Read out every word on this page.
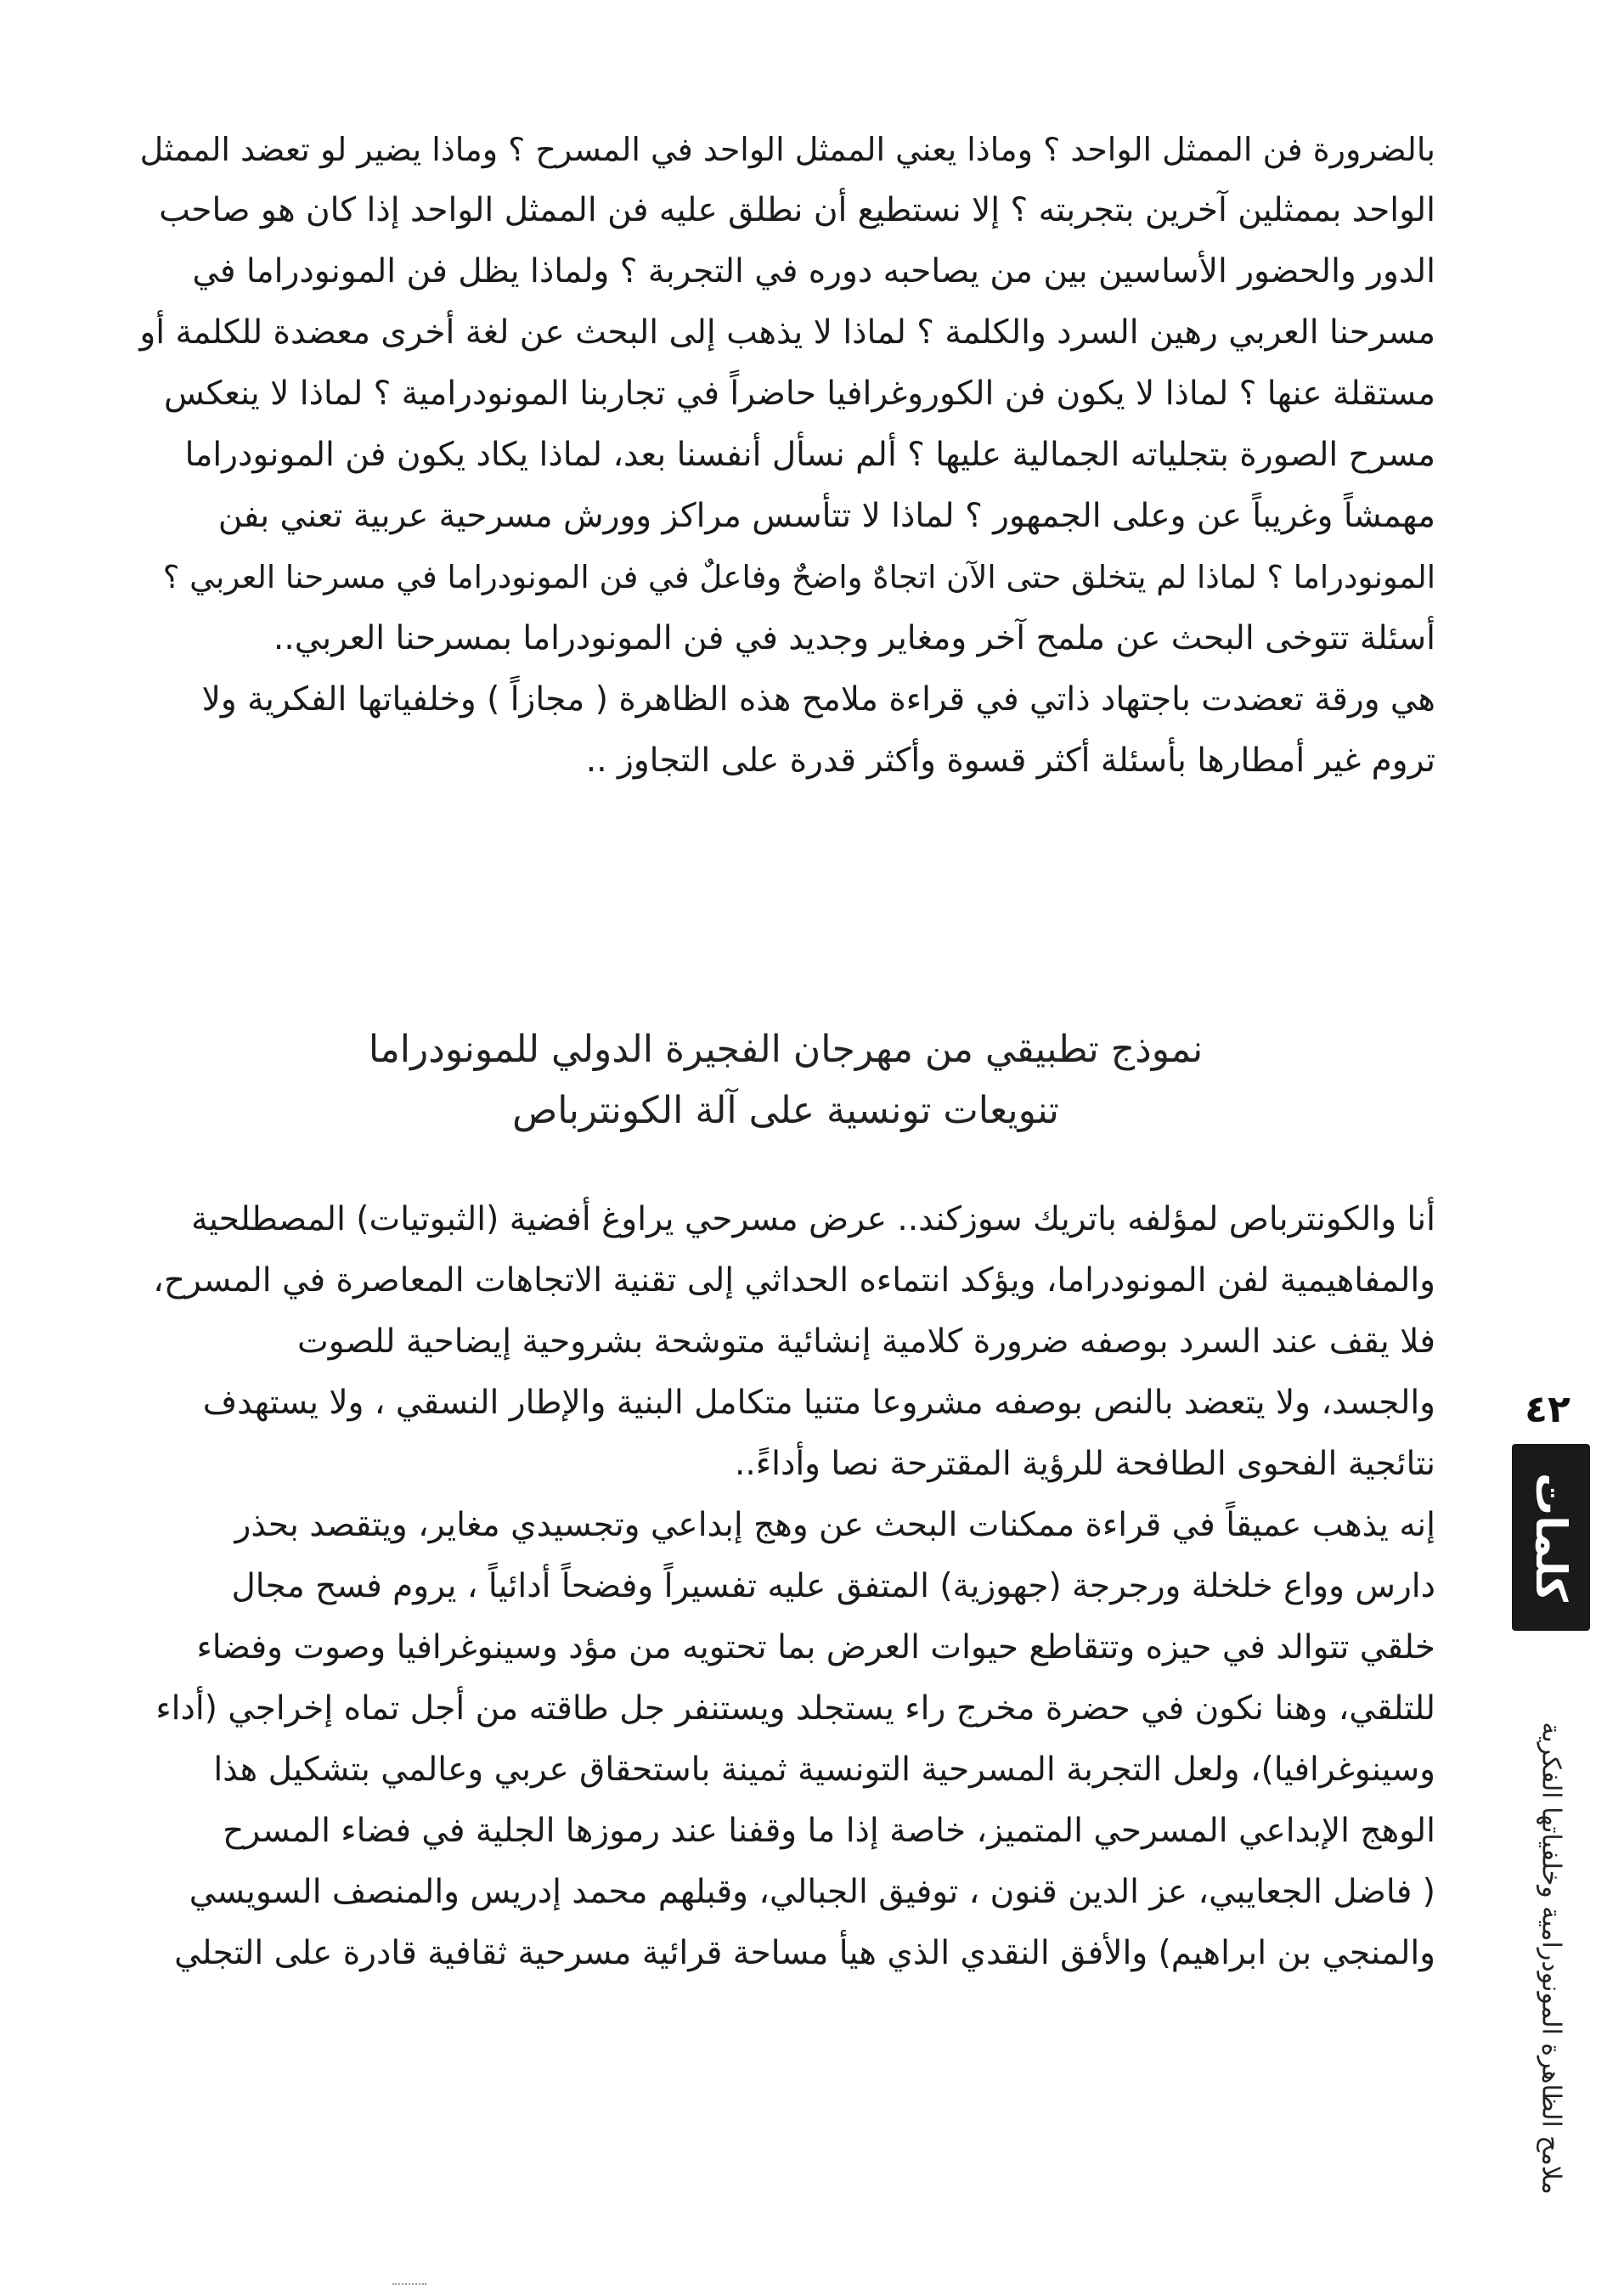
بالضرورة فن الممثل الواحد ؟ وماذا يعني الممثل الواحد في المسرح ؟ وماذا يضير لو تعضد الممثل
الواحد بممثلين آخرين بتجربته ؟ إلا نستطيع أن نطلق عليه فن الممثل الواحد إذا كان هو صاحب
الدور والحضور الأساسين بين من يصاحبه دوره في التجربة ؟ ولماذا يظل فن المونودراما في
مسرحنا العربي رهين السرد والكلمة ؟ لماذا لا يذهب إلى البحث عن لغة أخرى معضدة للكلمة أو
مستقلة عنها ؟ لماذا لا يكون فن الكوروغرافيا حاضراً في تجاربنا المونودرامية ؟ لماذا لا ينعكس
مسرح الصورة بتجلياته الجمالية عليها ؟ ألم نسأل أنفسنا بعد، لماذا يكاد يكون فن المونودراما
مهمشاً وغريباً عن وعلى الجمهور ؟ لماذا لا تتأسس مراكز وورش مسرحية عربية تعني بفن
المونودراما ؟ لماذا لم يتخلق حتى الآن اتجاهٌ واضحٌ وفاعلٌ في فن المونودراما في مسرحنا العربي ؟
أسئلة تتوخى البحث عن ملمح آخر ومغاير وجديد في فن المونودراما بمسرحنا العربي..
هي ورقة تعضدت باجتهاد ذاتي في قراءة ملامح هذه الظاهرة ( مجازاً ) وخلفياتها الفكرية ولا
تروم غير أمطارها بأسئلة أكثر قسوة وأكثر قدرة على التجاوز ..
نموذج تطبيقي من مهرجان الفجيرة الدولي للمونودراما
تنويعات تونسية على آلة الكونترباص
أنا والكونترباص لمؤلفه باتريك سوزكند.. عرض مسرحي يراوغ أفضية (الثبوتيات) المصطلحية
والمفاهيمية لفن المونودراما، ويؤكد انتماءه الحداثي إلى تقنية الاتجاهات المعاصرة في المسرح،
فلا يقف عند السرد بوصفه ضرورة كلامية إنشائية متوشحة بشروحية إيضاحية للصوت
والجسد، ولا يتعضد بالنص بوصفه مشروعا متنيا متكامل البنية والإطار النسقي ، ولا يستهدف
نتائجية الفحوى الطافحة للرؤية المقترحة نصا وأداءً..
إنه يذهب عميقاً في قراءة ممكنات البحث عن وهج إبداعي وتجسيدي مغاير، ويتقصد بحذر
دارس وواع خلخلة ورجرجة (جهوزية) المتفق عليه تفسيراً وفضحاً أدائياً ، يروم فسح مجال
خلقي تتوالد في حيزه وتتقاطع حيوات العرض بما تحتويه من مؤد وسينوغرافيا وصوت وفضاء
للتلقي، وهنا نكون في حضرة مخرج راء يستجلد ويستنفر جل طاقته من أجل تماه إخراجي (أداء
وسينوغرافيا)، ولعل التجربة المسرحية التونسية ثمينة باستحقاق عربي وعالمي بتشكيل هذا
الوهج الإبداعي المسرحي المتميز، خاصة إذا ما وقفنا عند رموزها الجلية في فضاء المسرح
( فاضل الجعايبي، عز الدين قنون ، توفيق الجبالي، وقبلهم محمد إدريس والمنصف السويسي
والمنجي بن ابراهيم) والأفق النقدي الذي هيأ مساحة قرائية مسرحية ثقافية قادرة على التجلي
٤٢
كلمات
ملامح الظاهرة المونودرامية وخلفياتها الفكرية
